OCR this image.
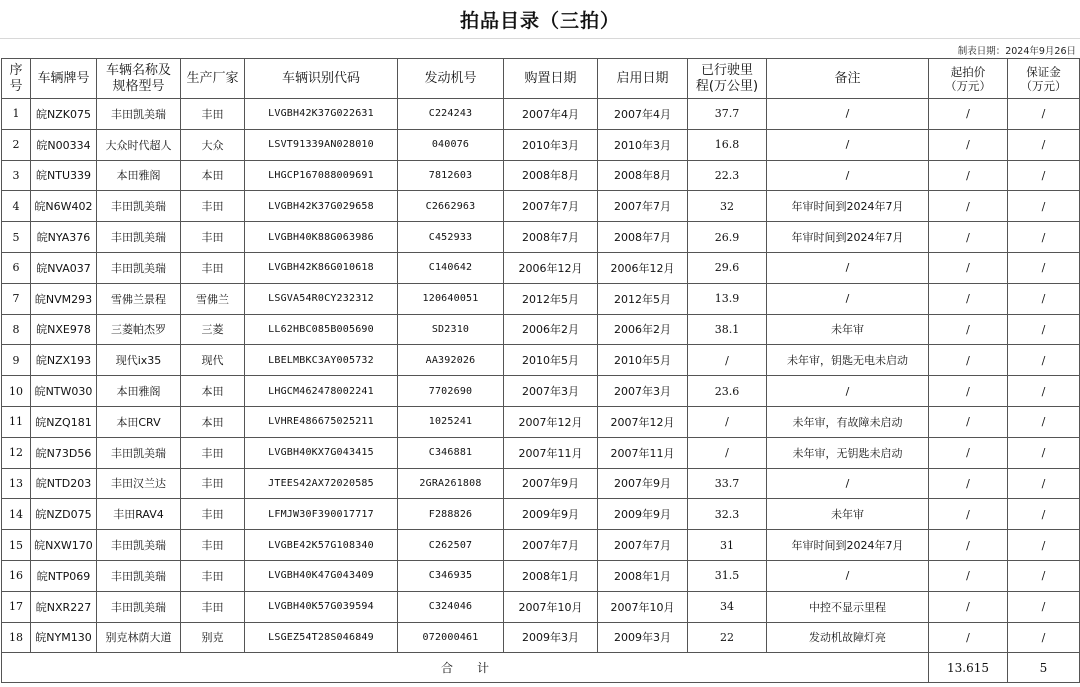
拍品目录（三拍）
制表日期：2024年9月26日
序
号	车辆牌号	车辆名称及
规格型号	生产厂家	车辆识别代码	发动机号	购置日期	启用日期	已行驶里
程(万公里)	备注	起拍价
（万元）	保证金
（万元）
1	皖NZK075	丰田凯美瑞	丰田	LVGBH42K37G022631	C224243	2007年4月	2007年4月	37.7	/	/	/
2	皖N00334	大众时代超人	大众	LSVT91339AN028010	040076	2010年3月	2010年3月	16.8	/	/	/
3	皖NTU339	本田雅阁	本田	LHGCP167088009691	7812603	2008年8月	2008年8月	22.3	/	/	/
4	皖N6W402	丰田凯美瑞	丰田	LVGBH42K37G029658	C2662963	2007年7月	2007年7月	32	年审时间到2024年7月	/	/
5	皖NYA376	丰田凯美瑞	丰田	LVGBH40K88G063986	C452933	2008年7月	2008年7月	26.9	年审时间到2024年7月	/	/
6	皖NVA037	丰田凯美瑞	丰田	LVGBH42K86G010618	C140642	2006年12月	2006年12月	29.6	/	/	/
7	皖NVM293	雪佛兰景程	雪佛兰	LSGVA54R0CY232312	120640051	2012年5月	2012年5月	13.9	/	/	/
8	皖NXE978	三菱帕杰罗	三菱	LL62HBC085B005690	SD2310	2006年2月	2006年2月	38.1	未年审	/	/
9	皖NZX193	现代ix35	现代	LBELMBKC3AY005732	AA392026	2010年5月	2010年5月	/	未年审，钥匙无电未启动	/	/
10	皖NTW030	本田雅阁	本田	LHGCM462478002241	7702690	2007年3月	2007年3月	23.6	/	/	/
11	皖NZQ181	本田CRV	本田	LVHRE486675025211	1025241	2007年12月	2007年12月	/	未年审，有故障未启动	/	/
12	皖N73D56	丰田凯美瑞	丰田	LVGBH40KX7G043415	C346881	2007年11月	2007年11月	/	未年审，无钥匙未启动	/	/
13	皖NTD203	丰田汉兰达	丰田	JTEES42AX72020585	2GRA261808	2007年9月	2007年9月	33.7	/	/	/
14	皖NZD075	丰田RAV4	丰田	LFMJW30F390017717	F288826	2009年9月	2009年9月	32.3	未年审	/	/
15	皖NXW170	丰田凯美瑞	丰田	LVGBE42K57G108340	C262507	2007年7月	2007年7月	31	年审时间到2024年7月	/	/
16	皖NTP069	丰田凯美瑞	丰田	LVGBH40K47G043409	C346935	2008年1月	2008年1月	31.5	/	/	/
17	皖NXR227	丰田凯美瑞	丰田	LVGBH40K57G039594	C324046	2007年10月	2007年10月	34	中控不显示里程	/	/
18	皖NYM130	别克林荫大道	别克	LSGEZ54T28S046849	072000461	2009年3月	2009年3月	22	发动机故障灯亮	/	/
合　　计										13.615	5
